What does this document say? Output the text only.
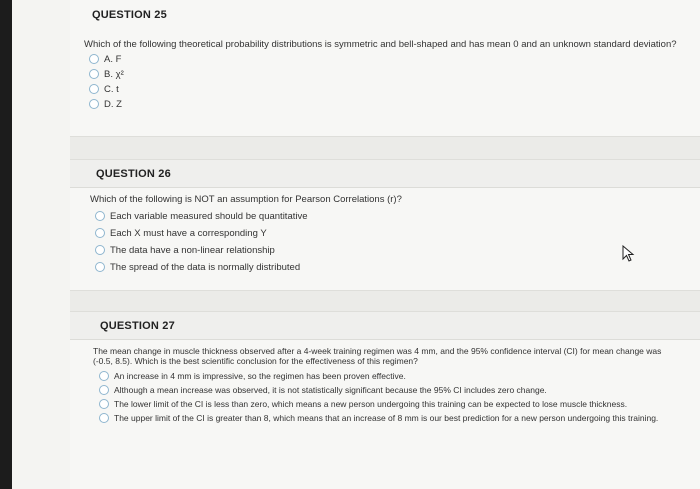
QUESTION 25

Which of the following theoretical probability distributions is symmetric and bell-shaped and has mean 0 and an unknown standard deviation?

A. F
B. χ²
C. t
D. Z
QUESTION 26

Which of the following is NOT an assumption for Pearson Correlations (r)?

Each variable measured should be quantitative
Each X must have a corresponding Y
The data have a non-linear relationship
The spread of the data is normally distributed
QUESTION 27

The mean change in muscle thickness observed after a 4-week training regimen was 4 mm, and the 95% confidence interval (CI) for mean change was (-0.5, 8.5). Which is the best scientific conclusion for the effectiveness of this regimen?

An increase in 4 mm is impressive, so the regimen has been proven effective.
Although a mean increase was observed, it is not statistically significant because the 95% CI includes zero change.
The lower limit of the CI is less than zero, which means a new person undergoing this training can be expected to lose muscle thickness.
The upper limit of the CI is greater than 8, which means that an increase of 8 mm is our best prediction for a new person undergoing this training.
